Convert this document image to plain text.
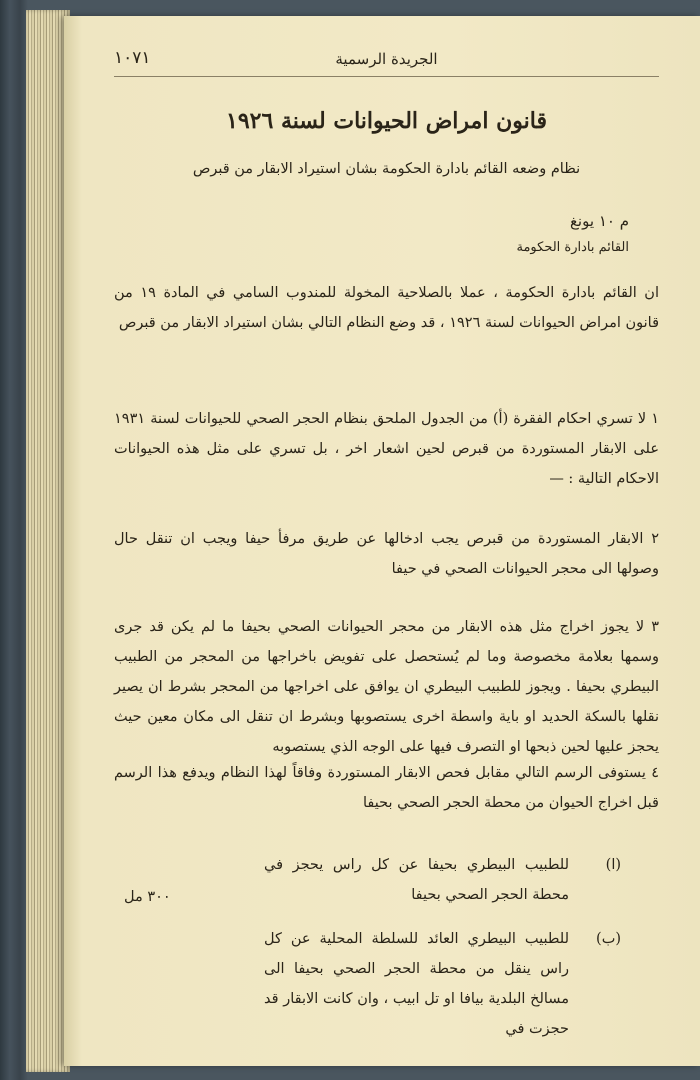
الجريدة الرسمية
١٠٧١
قانون امراض الحيوانات لسنة ١٩٢٦
نظام وضعه القائم بادارة الحكومة بشان استيراد الابقار من قبرص
م ١٠ يونغ
القائم بادارة الحكومة

ان القائم بادارة الحكومة ، عملا بالصلاحية المخولة للمندوب السامي في المادة ١٩ من قانون امراض الحيوانات لسنة ١٩٢٦ ، قد وضع النظام التالي بشان استيراد الابقار من قبرص

١ لا تسري احكام الفقرة (أ) من الجدول الملحق بنظام الحجر الصحي للحيوانات لسنة ١٩٣١ على الابقار المستوردة من قبرص لحين اشعار اخر ، بل تسري على مثل هذه الحيوانات الاحكام التالية : —

٢ الابقار المستوردة من قبرص يجب ادخالها عن طريق مرفأ حيفا ويجب ان تنقل حال وصولها الى محجر الحيوانات الصحي في حيفا

٣ لا يجوز اخراج مثل هذه الابقار من محجر الحيوانات الصحي بحيفا ما لم يكن قد جرى وسمها بعلامة مخصوصة وما لم يُستحصل على تفويض باخراجها من المحجر من الطبيب البيطري بحيفا . ويجوز للطبيب البيطري ان يوافق على اخراجها من المحجر بشرط ان يصير نقلها بالسكة الحديد او باية واسطة اخرى يستصوبها وبشرط ان تنقل الى مكان معين حيث يحجز عليها لحين ذبحها او التصرف فيها على الوجه الذي يستصوبه

٤ يستوفى الرسم التالي مقابل فحص الابقار المستوردة وفاقاً لهذا النظام ويدفع هذا الرسم قبل اخراج الحيوان من محطة الحجر الصحي بحيفا

(ا)
للطبيب البيطري بحيفا عن كل راس يحجز في محطة الحجر الصحي بحيفا
٣٠٠ مل
(ب)
للطبيب البيطري العائد للسلطة المحلية عن كل راس ينقل من محطة الحجر الصحي بحيفا الى مسالخ البلدية بيافا او تل ابيب ، وان كانت الابقار قد حجزت في
